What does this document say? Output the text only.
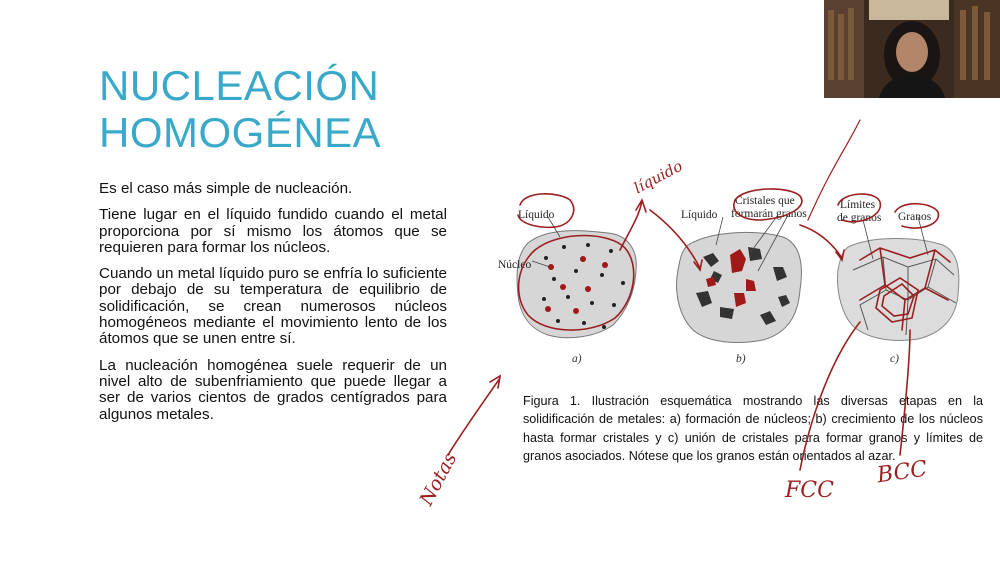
NUCLEACIÓN
HOMOGÉNEA

Es el caso más simple de nucleación.

Tiene lugar en el líquido fundido cuando el metal proporciona por sí mismo los átomos que se requieren para formar los núcleos.

Cuando un metal líquido puro se enfría lo suficiente por debajo de su temperatura de equilibrio de solidificación, se crean numerosos núcleos homogéneos mediante el movimiento lento de los átomos que se unen entre sí.

La nucleación homogénea suele requerir de un nivel alto de subenfriamiento que puede llegar a ser de varios cientos de grados centígrados para algunos metales.

Líquido
Núcleo
Líquido
Cristales que
formarán granos
Límites
de granos Granos
a)	b)	c)
Figura 1. Ilustración esquemática mostrando las diversas etapas en la solidificación de metales: a) formación de núcleos; b) crecimiento de los núcleos hasta formar cristales y c) unión de cristales para formar granos y límites de granos asociados. Nótese que los granos están orientados al azar.
líquido
Notas	FCC
BCC
